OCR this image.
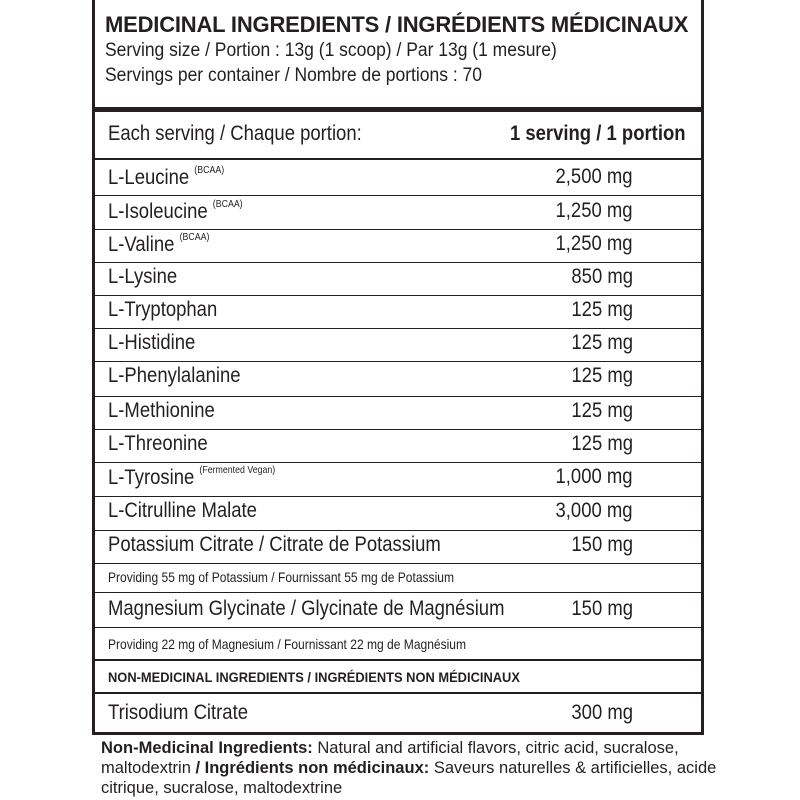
MEDICINAL INGREDIENTS / INGRÉDIENTS MÉDICINAUX
Serving size / Portion : 13g (1 scoop) / Par 13g (1 mesure)
Servings per container / Nombre de portions : 70
Each serving / Chaque portion:	1 serving / 1 portion
L-Leucine $^{(BCAA)}$	2,500 mg
L-Isoleucine $^{(BCAA)}$	1,250 mg
L-Valine $^{(BCAA)}$	1,250 mg
L-Lysine	850 mg
L-Tryptophan	125 mg
L-Histidine	125 mg
L-Phenylalanine	125 mg
L-Methionine	125 mg
L-Threonine	125 mg
L-Tyrosine $^{(Fermented Vegan)}$	1,000 mg
L-Citrulline Malate	3,000 mg
Potassium Citrate / Citrate de Potassium	150 mg
Providing 55 mg of Potassium / Fournissant 55 mg de Potassium
Magnesium Glycinate / Glycinate de Magnésium	150 mg
Providing 22 mg of Magnesium / Fournissant 22 mg de Magnésium
NON-MEDICINAL INGREDIENTS / INGRÉDIENTS NON MÉDICINAUX
Trisodium Citrate	300 mg
Non-Medicinal Ingredients: Natural and artificial flavors, citric acid, sucralose, maltodextrin / Ingrédients non médicinaux: Saveurs naturelles & artificielles, acide citrique, sucralose, maltodextrine
